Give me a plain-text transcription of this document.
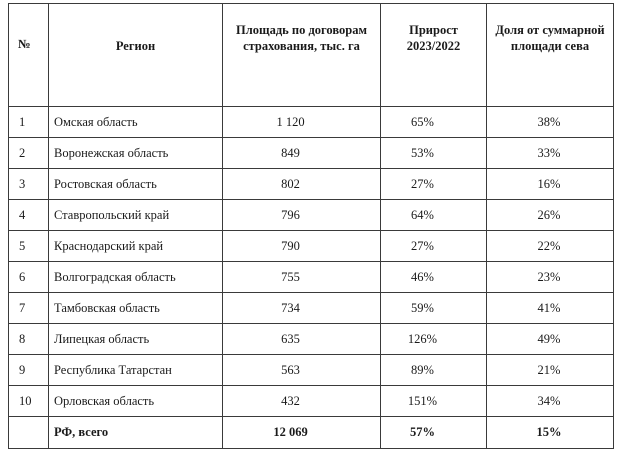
№	Регион	Площадь по договорам страхования, тыс. га	Прирост 2023/2022	Доля от суммарной площади сева
1	Омская область	1 120	65%	38%
2	Воронежская область	849	53%	33%
3	Ростовская область	802	27%	16%
4	Ставропольский край	796	64%	26%
5	Краснодарский край	790	27%	22%
6	Волгоградская область	755	46%	23%
7	Тамбовская область	734	59%	41%
8	Липецкая область	635	126%	49%
9	Республика Татарстан	563	89%	21%
10	Орловская область	432	151%	34%
	РФ, всего	12 069	57%	15%
